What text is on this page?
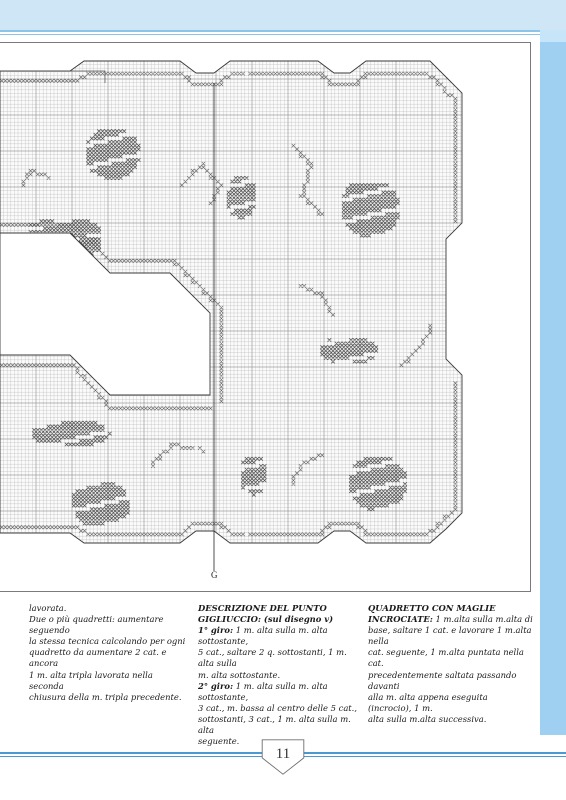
G

lavorata.

Due o più quadretti: aumentare seguendo

la stessa tecnica calcolando per ogni

quadretto da aumentare 2 cat. e ancora

1 m. alta tripla lavorata nella seconda

chiusura della m. tripla precedente.

DESCRIZIONE DEL PUNTO

GIGLIUCCIO: (sul disegno v)

1° giro: 1 m. alta sulla m. alta sottostante,

5 cat., saltare 2 q. sottostanti, 1 m. alta sulla

m. alta sottostante.

2° giro: 1 m. alta sulla m. alta sottostante,

3 cat., m. bassa al centro delle 5 cat.,

sottostanti, 3 cat., 1 m. alta sulla m. alta

seguente.

QUADRETTO CON MAGLIE

INCROCIATE: 1 m.alta sulla m.alta di

base, saltare 1 cat. e lavorare 1 m.alta nella

cat. seguente, 1 m.alta puntata nella cat.

precedentemente saltata passando davanti

alla m. alta appena eseguita (incrocio), 1 m.

alta sulla m.alta successiva.

11
